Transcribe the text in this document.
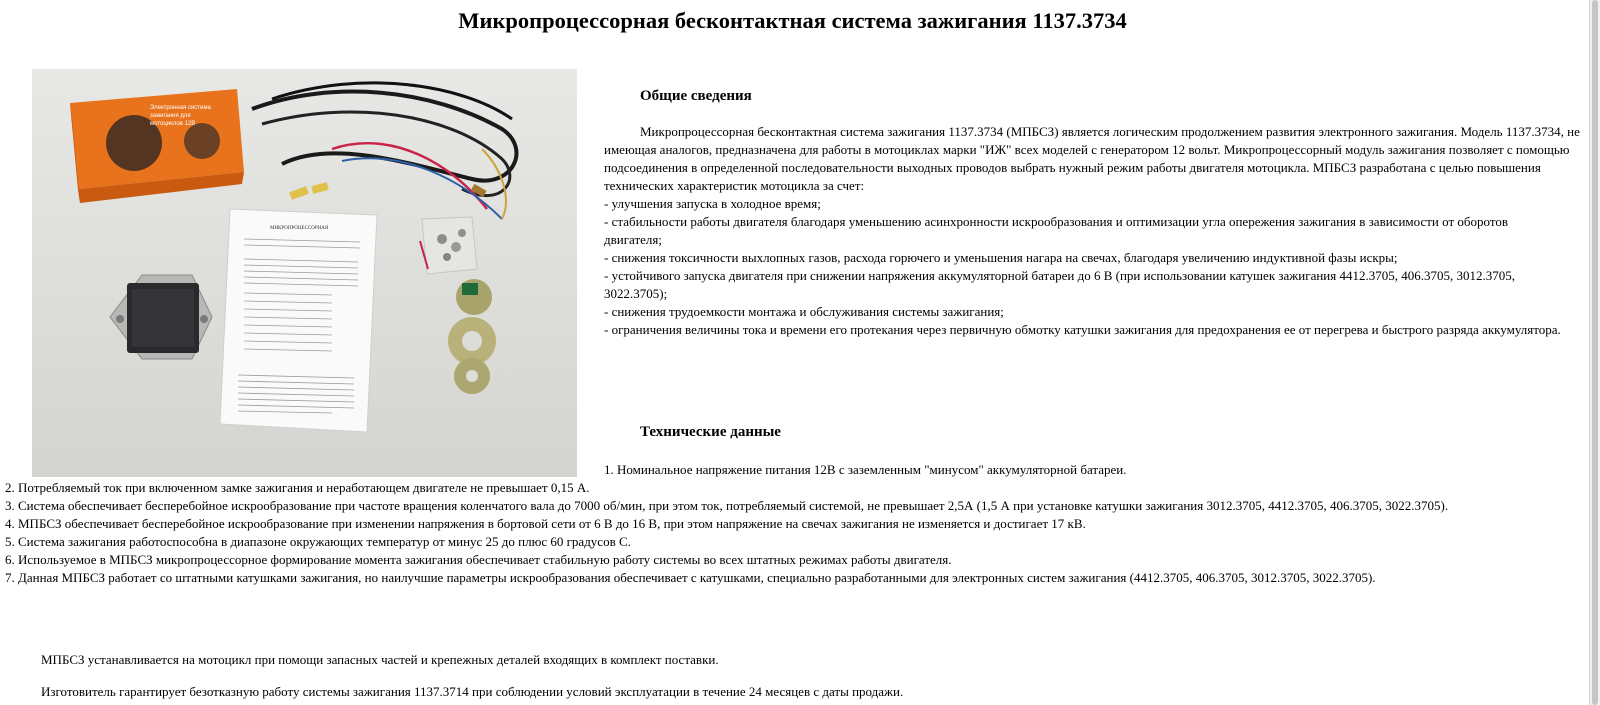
Микропроцессорная бесконтактная система зажигания 1137.3734
Электронная система
зажигания для
мотоциклов 12В
МИКРОПРОЦЕССОРНАЯ
Общие сведения

Микропроцессорная бесконтактная система зажигания 1137.3734 (МПБСЗ) является логическим продолжением развития электронного зажигания. Модель 1137.3734, не имеющая аналогов, предназначена для работы в мотоциклах марки "ИЖ" всех моделей с генератором 12 вольт. Микропроцессорный модуль зажигания позволяет с помощью подсоединения в определенной последовательности выходных проводов выбрать нужный режим работы двигателя мотоцикла. МПБСЗ разработана с целью повышения технических характеристик мотоцикла за счет:

- улучшения запуска в холодное время;
- стабильности работы двигателя благодаря уменьшению асинхронности искрообразования и оптимизации угла опережения зажигания в зависимости от оборотов двигателя;
- снижения токсичности выхлопных газов, расхода горючего и уменьшения нагара на свечах, благодаря увеличению индуктивной фазы искры;
- устойчивого запуска двигателя при снижении напряжения аккумуляторной батареи до 6 В (при использовании катушек зажигания 4412.3705, 406.3705, 3012.3705, 3022.3705);
- снижения трудоемкости монтажа и обслуживания системы зажигания;
- ограничения величины тока и времени его протекания через первичную обмотку катушки зажигания для предохранения ее от перегрева и быстрого разряда аккумулятора.
Технические данные

1. Номинальное напряжение питания 12В с заземленным "минусом" аккумуляторной батареи.

2. Потребляемый ток при включенном замке зажигания и неработающем двигателе не превышает 0,15 А.
3. Система обеспечивает бесперебойное искрообразование при частоте вращения коленчатого вала до 7000 об/мин, при этом ток, потребляемый системой, не превышает 2,5А (1,5 А при установке катушки зажигания 3012.3705, 4412.3705, 406.3705, 3022.3705).
4. МПБСЗ обеспечивает бесперебойное искрообразование при изменении напряжения в бортовой сети от 6 В до 16 В, при этом напряжение на свечах зажигания не изменяется и достигает 17 кВ.
5. Система зажигания работоспособна в диапазоне окружающих температур от минус 25 до плюс 60 градусов С.
6. Используемое в МПБСЗ микропроцессорное формирование момента зажигания обеспечивает стабильную работу системы во всех штатных режимах работы двигателя.
7. Данная МПБСЗ работает со штатными катушками зажигания, но наилучшие параметры искрообразования обеспечивает с катушками, специально разработанными для электронных систем зажигания (4412.3705, 406.3705, 3012.3705, 3022.3705).

МПБСЗ устанавливается на мотоцикл при помощи запасных частей и крепежных деталей входящих в комплект поставки.

Изготовитель гарантирует безотказную работу системы зажигания 1137.3714 при соблюдении условий эксплуатации в течение 24 месяцев с даты продажи.
